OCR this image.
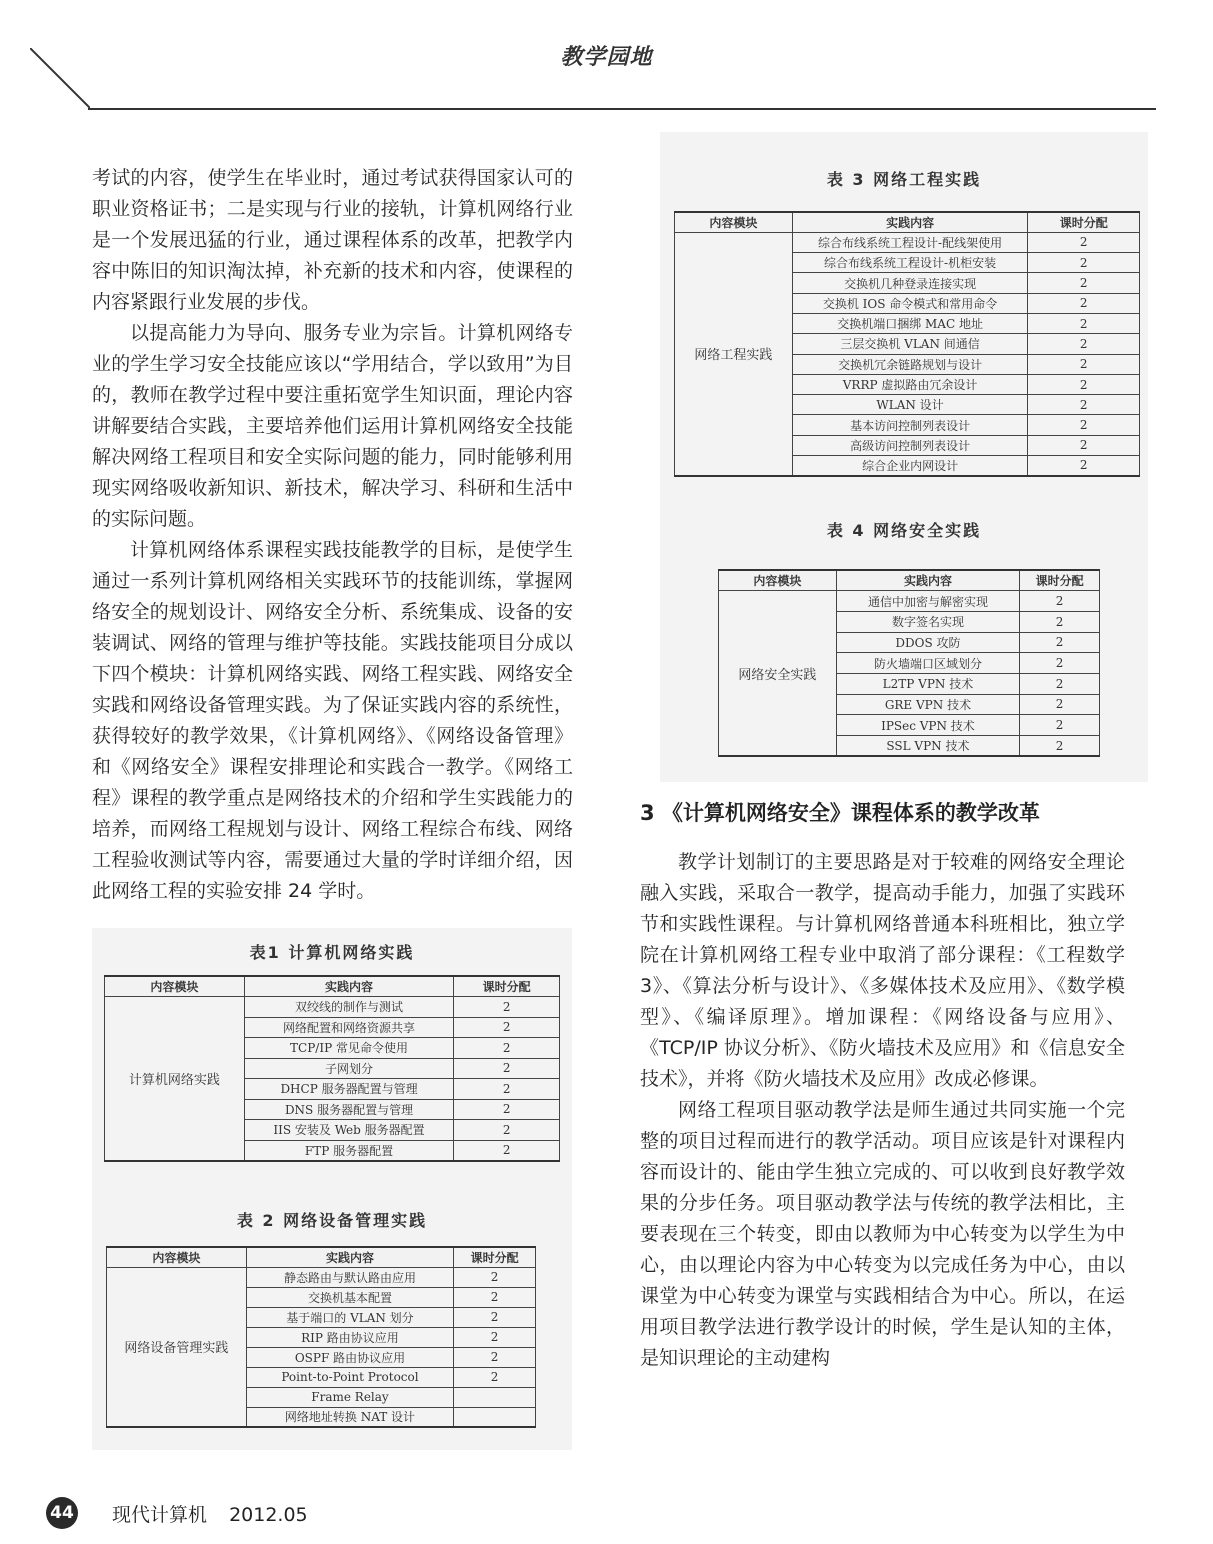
教学园地

考试的内容，使学生在毕业时，通过考试获得国家认可的职业资格证书；二是实现与行业的接轨，计算机网络行业是一个发展迅猛的行业，通过课程体系的改革，把教学内容中陈旧的知识淘汰掉，补充新的技术和内容，使课程的内容紧跟行业发展的步伐。

以提高能力为导向、服务专业为宗旨。计算机网络专业的学生学习安全技能应该以“学用结合，学以致用”为目的，教师在教学过程中要注重拓宽学生知识面，理论内容讲解要结合实践，主要培养他们运用计算机网络安全技能解决网络工程项目和安全实际问题的能力，同时能够利用现实网络吸收新知识、新技术，解决学习、科研和生活中的实际问题。

计算机网络体系课程实践技能教学的目标，是使学生通过一系列计算机网络相关实践环节的技能训练，掌握网络安全的规划设计、网络安全分析、系统集成、设备的安装调试、网络的管理与维护等技能。实践技能项目分成以下四个模块：计算机网络实践、网络工程实践、网络安全实践和网络设备管理实践。为了保证实践内容的系统性，获得较好的教学效果，《计算机网络》、《网络设备管理》和《网络安全》课程安排理论和实践合一教学。《网络工程》课程的教学重点是网络技术的介绍和学生实践能力的培养，而网络工程规划与设计、网络工程综合布线、网络工程验收测试等内容，需要通过大量的学时详细介绍，因此网络工程的实验安排 24 学时。

表1 计算机网络实践
内容模块	实践内容	课时分配
计算机网络实践	双绞线的制作与测试	2
	网络配置和网络资源共享	2
	TCP/IP 常见命令使用	2
	子网划分	2
	DHCP 服务器配置与管理	2
	DNS 服务器配置与管理	2
	IIS 安装及 Web 服务器配置	2
	FTP 服务器配置	2
表 2 网络设备管理实践
内容模块	实践内容	课时分配
网络设备管理实践	静态路由与默认路由应用	2
	交换机基本配置	2
	基于端口的 VLAN 划分	2
	RIP 路由协议应用	2
	OSPF 路由协议应用	2
	Point-to-Point Protocol	2
	Frame Relay	
	网络地址转换 NAT 设计	
表 3 网络工程实践
内容模块	实践内容	课时分配
网络工程实践	综合布线系统工程设计-配线架使用	2
	综合布线系统工程设计-机柜安装	2
	交换机几种登录连接实现	2
	交换机 IOS 命令模式和常用命令	2
	交换机端口捆绑 MAC 地址	2
	三层交换机 VLAN 间通信	2
	交换机冗余链路规划与设计	2
	VRRP 虚拟路由冗余设计	2
	WLAN 设计	2
	基本访问控制列表设计	2
	高级访问控制列表设计	2
	综合企业内网设计	2
表 4 网络安全实践
内容模块	实践内容	课时分配
网络安全实践	通信中加密与解密实现	2
	数字签名实现	2
	DDOS 攻防	2
	防火墙端口区域划分	2
	L2TP VPN 技术	2
	GRE VPN 技术	2
	IPSec VPN 技术	2
	SSL VPN 技术	2
3 《计算机网络安全》课程体系的教学改革

教学计划制订的主要思路是对于较难的网络安全理论融入实践，采取合一教学，提高动手能力，加强了实践环节和实践性课程。与计算机网络普通本科班相比，独立学院在计算机网络工程专业中取消了部分课程：《工程数学 3》、《算法分析与设计》、《多媒体技术及应用》、《数学模型》、《编译原理》。增加课程：《网络设备与应用》、《TCP/IP 协议分析》、《防火墙技术及应用》和《信息安全技术》，并将《防火墙技术及应用》改成必修课。

网络工程项目驱动教学法是师生通过共同实施一个完整的项目过程而进行的教学活动。项目应该是针对课程内容而设计的、能由学生独立完成的、可以收到良好教学效果的分步任务。项目驱动教学法与传统的教学法相比，主要表现在三个转变，即由以教师为中心转变为以学生为中心，由以理论内容为中心转变为以完成任务为中心，由以课堂为中心转变为课堂与实践相结合为中心。所以，在运用项目教学法进行教学设计的时候，学生是认知的主体，是知识理论的主动建构

44 现代计算机 2012.05
